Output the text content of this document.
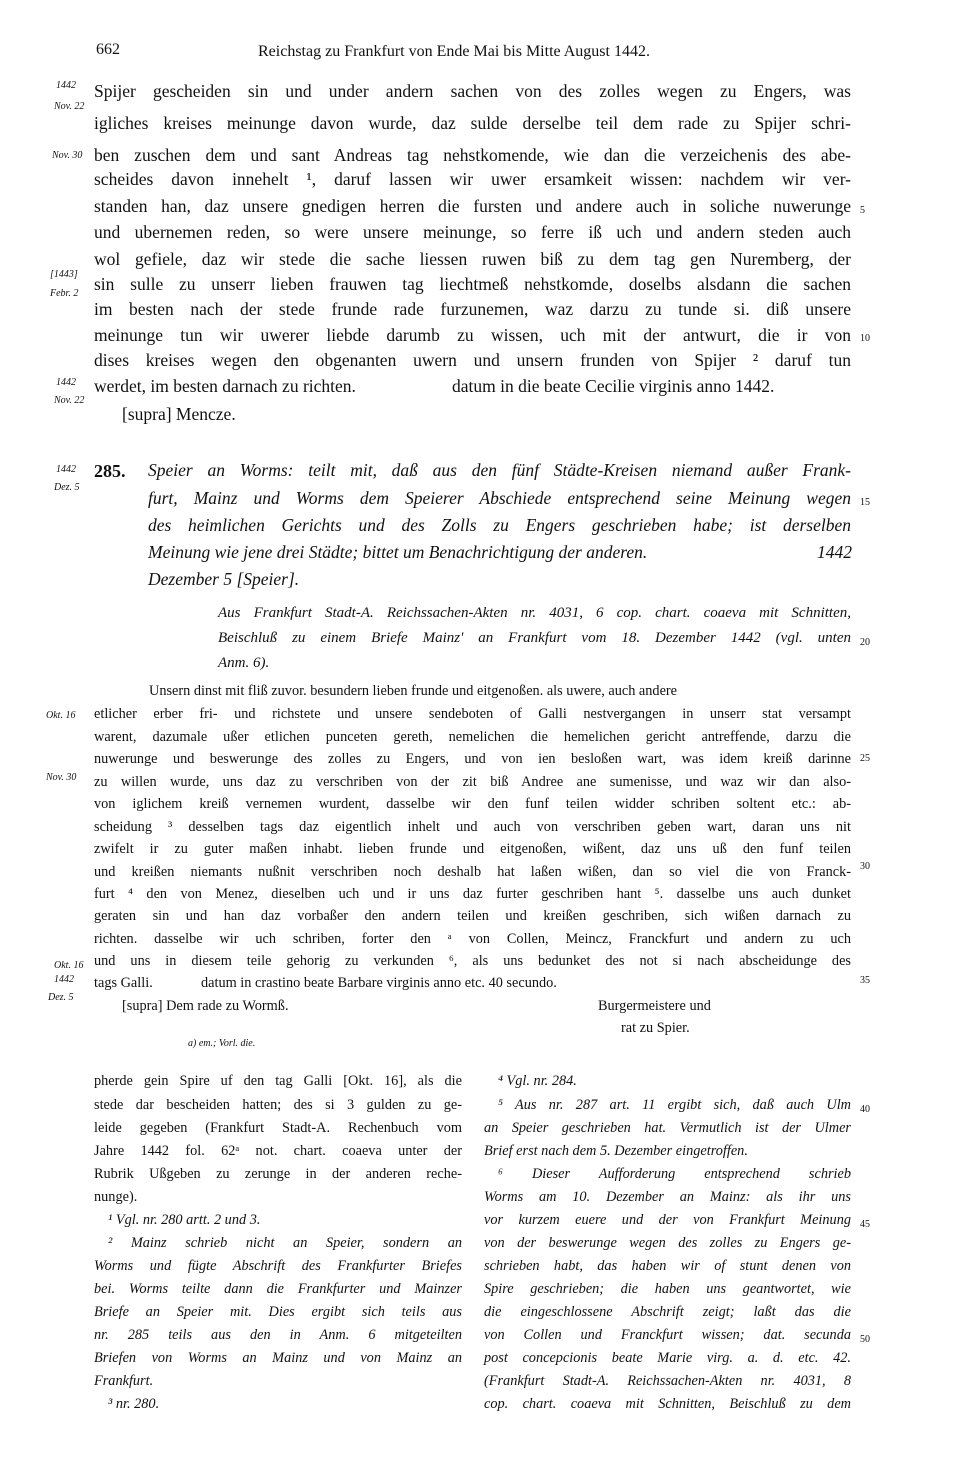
662	Reichstag zu Frankfurt von Ende Mai bis Mitte August 1442.
1442
Nov. 22
Nov. 30
[1443]
Febr. 2
1442
Nov. 22
Spijer gescheiden sin und under andern sachen von des zolles wegen zu Engers, was
igliches kreises meinunge davon wurde, daz sulde derselbe teil dem rade zu Spijer schri-
ben zuschen dem und sant Andreas tag nehstkomende, wie dan die verzeichenis des abe-
scheides davon innehelt ¹, daruf lassen wir uwer ersamkeit wissen: nachdem wir ver-
standen han, daz unsere gnedigen herren die fursten und andere auch in soliche nuwerunge
und ubernemen reden, so were unsere meinunge, so ferre iß uch und andern steden auch
wol gefiele, daz wir stede die sache liessen ruwen biß zu dem tag gen Nuremberg, der
sin sulle zu unserr lieben frauwen tag liechtmeß nehstkomde, doselbs alsdann die sachen
im besten nach der stede frunde rade furzunemen, waz darzu zu tunde si. diß unsere
meinunge tun wir uwerer liebde darumb zu wissen, uch mit der antwurt, die ir von
dises kreises wegen den obgenanten uwern und unsern frunden von Spijer ² daruf tun
werdet, im besten darnach zu richten.	datum in die beate Cecilie virginis anno 1442.
[supra] Mencze.
5
10
1442
Dez. 5
285. Speier an Worms: teilt mit, daß aus den fünf Städte-Kreisen niemand außer Frank-
furt, Mainz und Worms dem Speierer Abschiede entsprechend seine Meinung wegen
des heimlichen Gerichts und des Zolls zu Engers geschrieben habe; ist derselben
Meinung wie jene drei Städte; bittet um Benachrichtigung der anderen.	1442
Dezember 5 [Speier].
Aus Frankfurt Stadt-A. Reichssachen-Akten nr. 4031, 6 cop. chart. coaeva mit Schnitten,
Beischluß zu einem Briefe Mainz' an Frankfurt vom 18. Dezember 1442 (vgl. unten
Anm. 6).
15
20
25
30
35
Okt. 16
Nov. 30
Okt. 16
1442
Dez. 5
Unsern dinst mit fliß zuvor. besundern lieben frunde und eitgenoßen. als uwere, auch andere
etlicher erber fri- und richstete und unsere sendeboten of Galli nestvergangen in unserr stat versampt
warent, dazumale ußer etlichen punceten gereth, nemelichen die hemelichen gericht antreffende, darzu die
nuwerunge und beswerunge des zolles zu Engers, und von ien besloßen wart, was idem kreiß darinne
zu willen wurde, uns daz zu verschriben von der zit biß Andree ane sumenisse, und waz wir dan also-
von iglichem kreiß vernemen wurdent, dasselbe wir den funf teilen widder schriben soltent etc.: ab-
scheidung ³ desselben tags daz eigentlich inhelt und auch von verschriben geben wart, daran uns nit
zwifelt ir zu guter maßen inhabt. lieben frunde und eitgenoßen, wißent, daz uns uß den funf teilen
und kreißen niemants nußnit verschriben noch deshalb hat laßen wißen, dan so viel die von Franck-
furt ⁴ den von Menez, dieselben uch und ir uns daz furter geschriben hant ⁵. dasselbe uns auch dunket
geraten sin und han daz vorbaßer den andern teilen und kreißen geschriben, sich wißen darnach zu
richten. dasselbe wir uch schriben, forter den ᵃ von Collen, Meincz, Franckfurt und andern zu uch
und uns in diesem teile gehorig zu verkunden ⁶, als uns bedunket des not si nach abscheidunge des
tags Galli.	datum in crastino beate Barbare virginis anno etc. 40 secundo.
[supra] Dem rade zu Wormß.	Burgermeistere und
rat zu Spier.
a) em.; Vorl. die.
pherde gein Spire uf den tag Galli [Okt. 16], als die
stede dar bescheiden hatten; des si 3 gulden zu ge-
leide gegeben (Frankfurt Stadt-A. Rechenbuch vom
Jahre 1442 fol. 62ᵃ not. chart. coaeva unter der
Rubrik Ußgeben zu zerunge in der anderen reche-
nunge).
¹ Vgl. nr. 280 artt. 2 und 3.
² Mainz schrieb nicht an Speier, sondern an
Worms und fügte Abschrift des Frankfurter Briefes
bei. Worms teilte dann die Frankfurter und Mainzer
Briefe an Speier mit. Dies ergibt sich teils aus
nr. 285 teils aus den in Anm. 6 mitgeteilten
Briefen von Worms an Mainz und von Mainz an
Frankfurt.
³ nr. 280.
⁴ Vgl. nr. 284.
⁵ Aus nr. 287 art. 11 ergibt sich, daß auch Ulm
an Speier geschrieben hat. Vermutlich ist der Ulmer
Brief erst nach dem 5. Dezember eingetroffen.
⁶ Dieser Aufforderung entsprechend schrieb
Worms am 10. Dezember an Mainz: als ihr uns
vor kurzem euere und der von Frankfurt Meinung
von der beswerunge wegen des zolles zu Engers ge-
schrieben habt, das haben wir of stunt denen von
Spire geschrieben; die haben uns geantwortet, wie
die eingeschlossene Abschrift zeigt; laßt das die
von Collen und Franckfurt wissen; dat. secunda
post concepcionis beate Marie virg. a. d. etc. 42.
(Frankfurt Stadt-A. Reichssachen-Akten nr. 4031, 8
cop. chart. coaeva mit Schnitten, Beischluß zu dem
40
45
50
